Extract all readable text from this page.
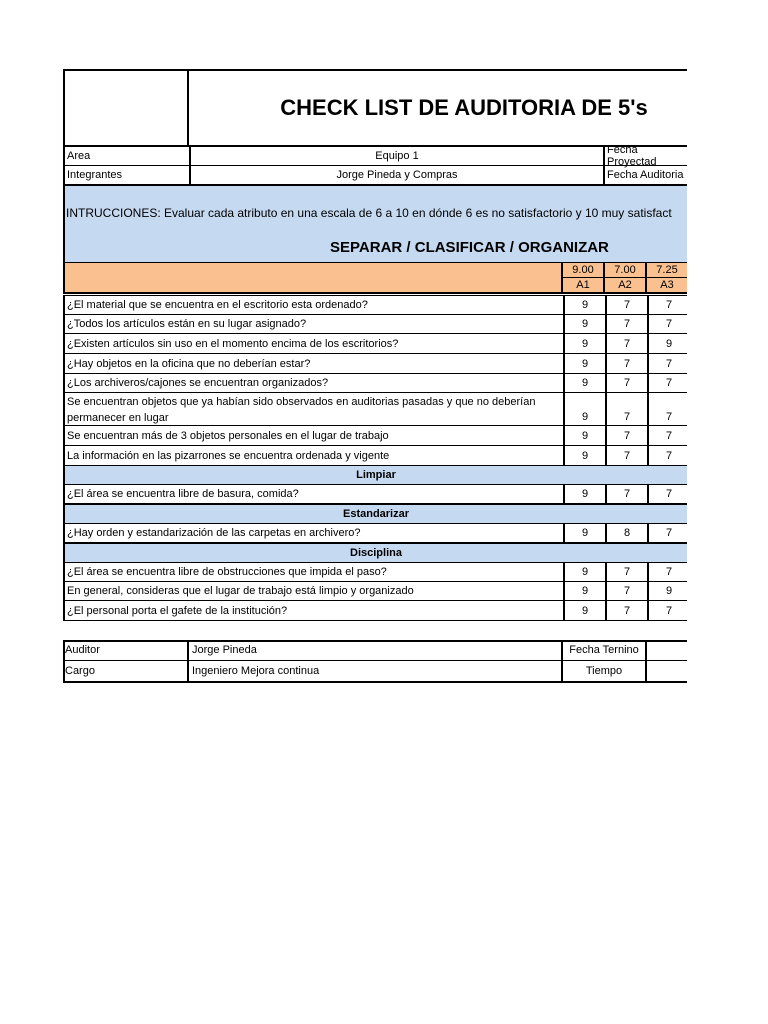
CHECK LIST DE AUDITORIA DE 5's
Area	Equipo 1	Fecha Proyectad
Integrantes	Jorge Pineda y Compras	Fecha Auditoria
INTRUCCIONES: Evaluar cada atributo en una escala de 6 a 10 en dónde 6 es no satisfactorio y 10 muy satisfact
SEPARAR / CLASIFICAR / ORGANIZAR
9.00 7.00 7.25
A1	A2	A3
¿El material que se encuentra en el escritorio esta ordenado?	9	7	7
¿Todos los artículos están en su lugar asignado?	9	7	7
¿Existen artículos sin uso en el momento encima de los escritorios?	9	7	9
¿Hay objetos en la oficina que no deberían estar?	9	7	7
¿Los archiveros/cajones se encuentran organizados?	9	7	7
Se encuentran objetos que ya habían sido observados en auditorias pasadas y que no deberían
permanecer en lugar	9	7	7
Se encuentran más de 3 objetos personales en el lugar de trabajo	9	7	7
La información en las pizarrones se encuentra ordenada y vigente	9	7	7
Limpiar
¿El área se encuentra libre de basura, comida?	9	7	7
Estandarizar
¿Hay orden y estandarización de las carpetas en archivero?	9	8	7
Disciplina
¿El área se encuentra libre de obstrucciones que impida el paso?	9	7	7
En general, consideras que el lugar de trabajo está limpio y organizado	9	7	9
¿El personal porta el gafete de la institución?	9	7	7
Auditor	Jorge Pineda	Fecha Ternino
Cargo	Ingeniero Mejora continua	Tiempo
